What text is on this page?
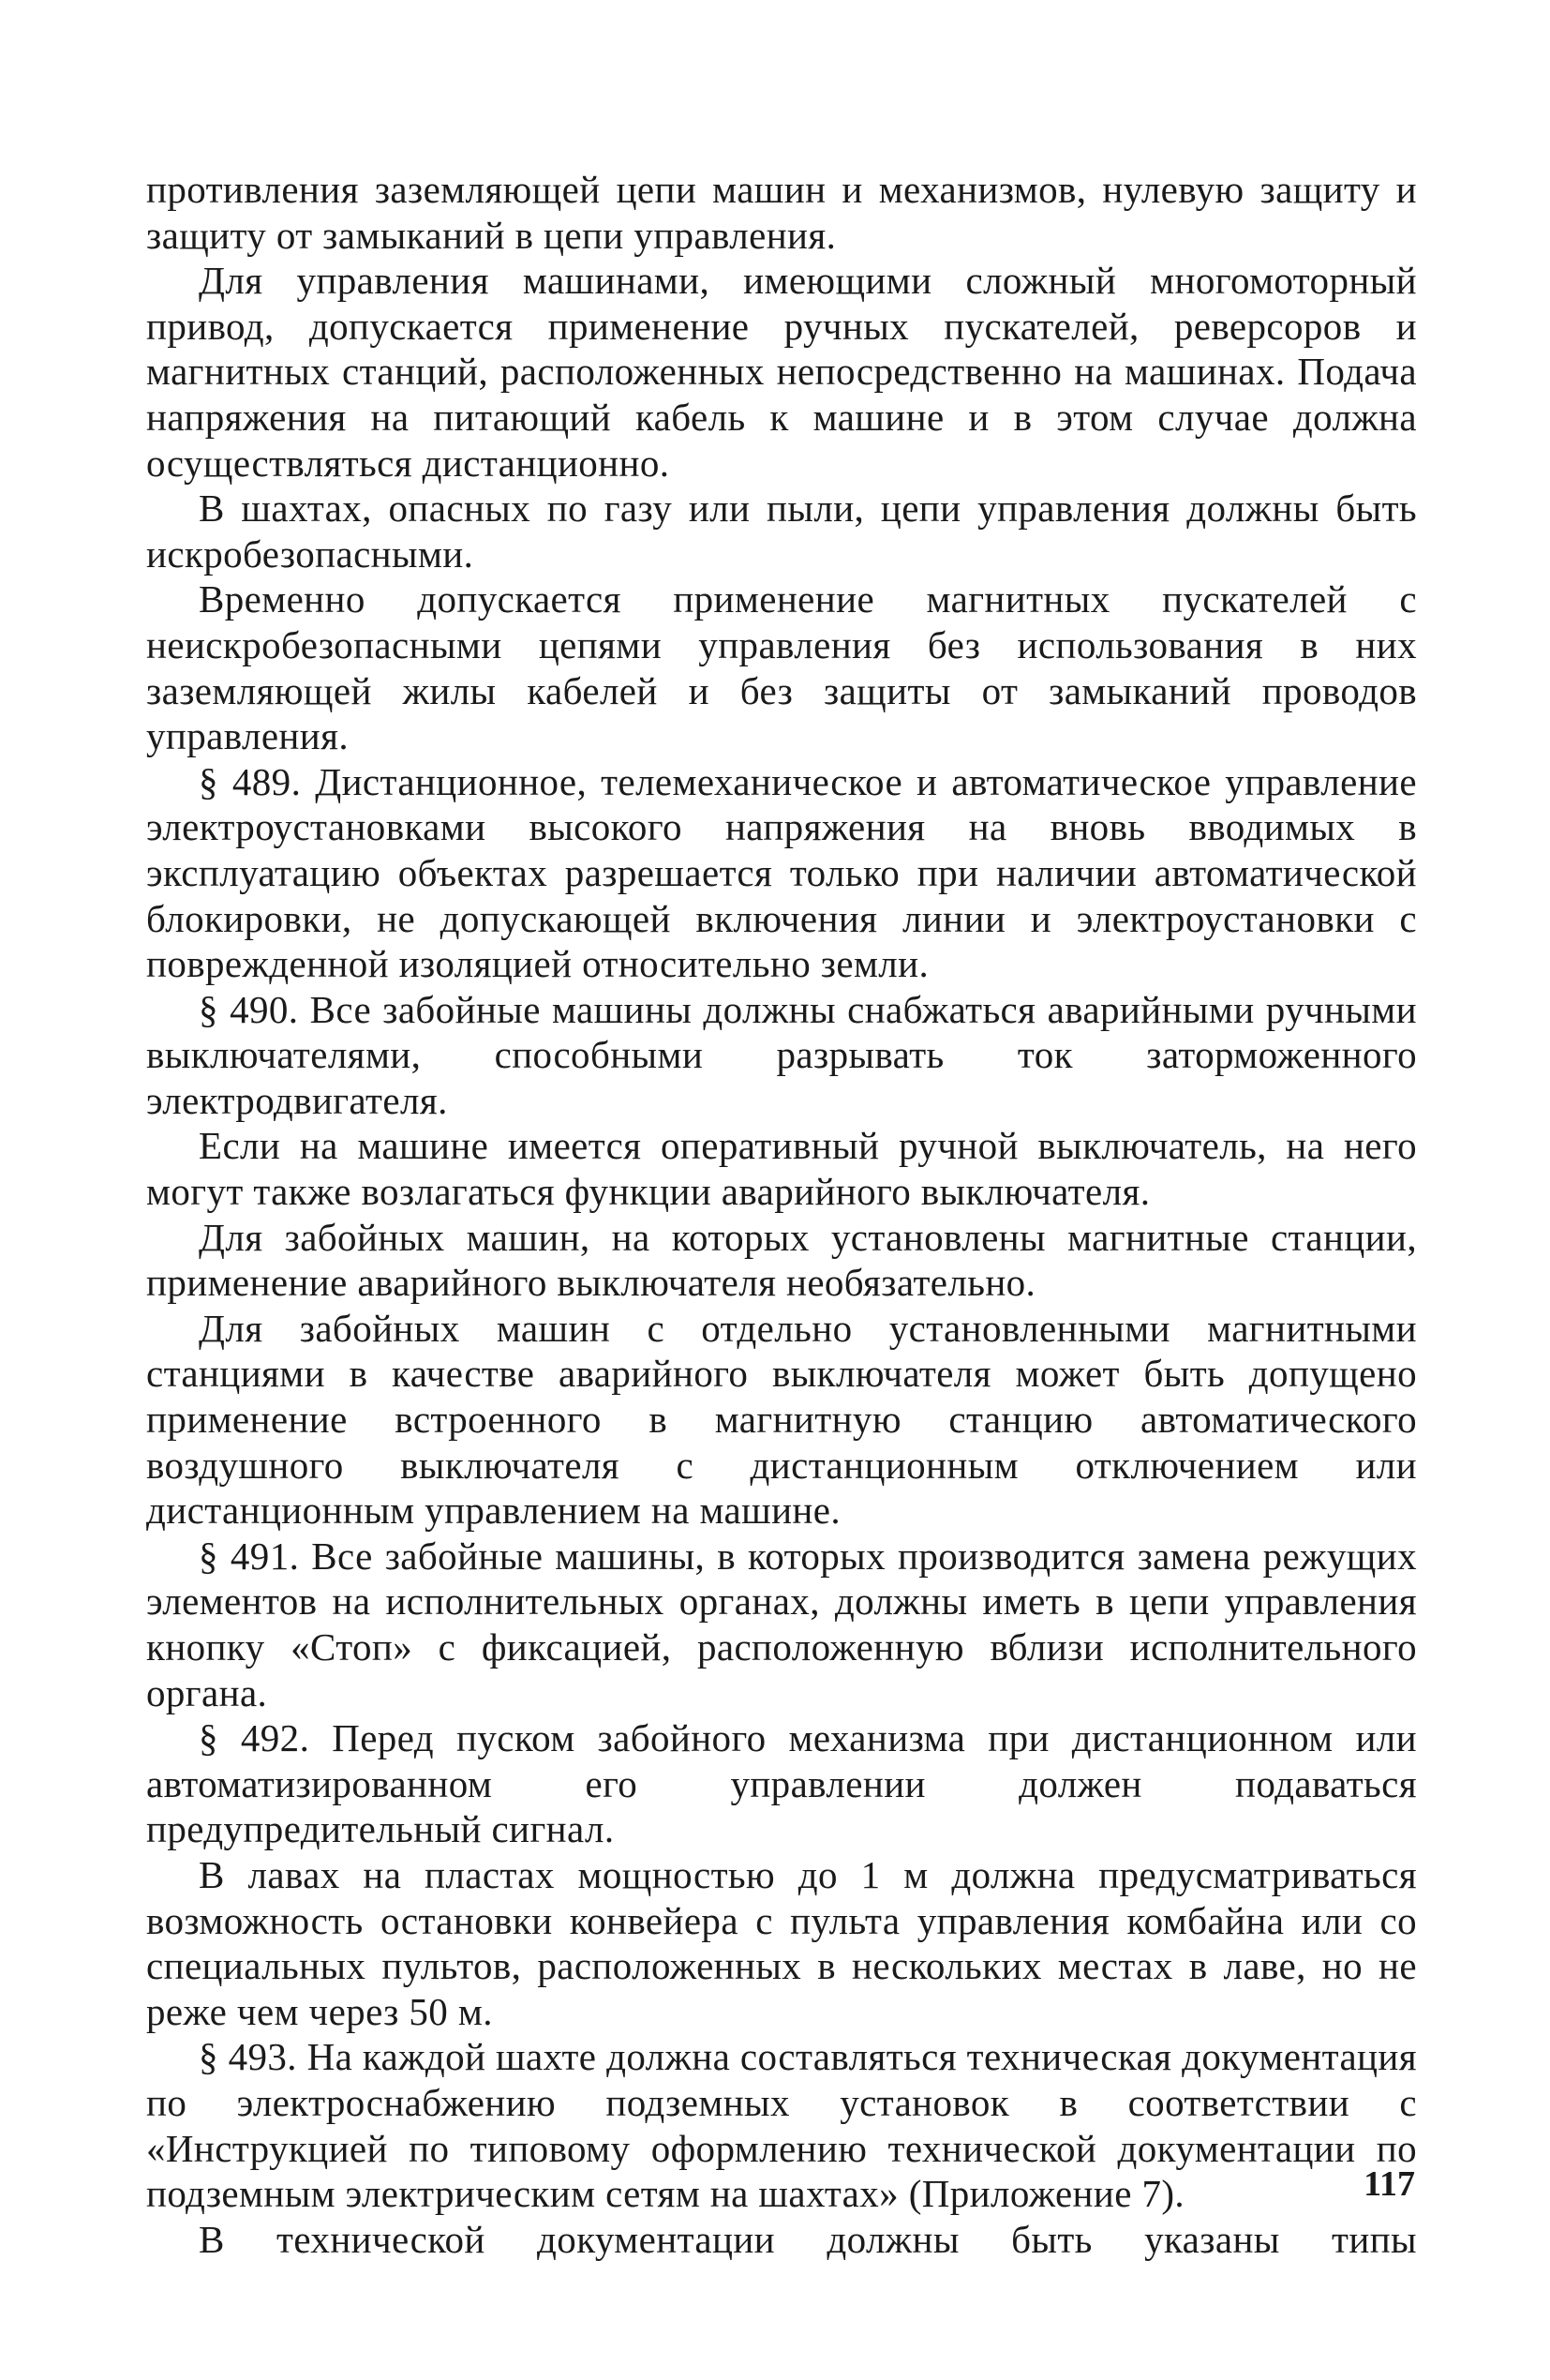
противления заземляющей цепи машин и механизмов, нулевую защиту и защиту от замыканий в цепи управления.

Для управления машинами, имеющими сложный многомоторный привод, допускается применение ручных пускателей, реверсоров и магнитных станций, расположенных непосредственно на машинах. Подача напряжения на питающий кабель к машине и в этом случае должна осуществляться дистанционно.

В шахтах, опасных по газу или пыли, цепи управления должны быть искробезопасными.

Временно допускается применение магнитных пускателей с неискробезопасными цепями управления без использования в них заземляющей жилы кабелей и без защиты от замыканий проводов управления.

§ 489. Дистанционное, телемеханическое и автоматическое управление электроустановками высокого напряжения на вновь вводимых в эксплуатацию объектах разрешается только при наличии автоматической блокировки, не допускающей включения линии и электроустановки с поврежденной изоляцией относительно земли.

§ 490. Все забойные машины должны снабжаться аварийными ручными выключателями, способными разрывать ток заторможенного электродвигателя.

Если на машине имеется оперативный ручной выключатель, на него могут также возлагаться функции аварийного выключателя.

Для забойных машин, на которых установлены магнитные станции, применение аварийного выключателя необязательно.

Для забойных машин с отдельно установленными магнитными станциями в качестве аварийного выключателя может быть допущено применение встроенного в магнитную станцию автоматического воздушного выключателя с дистанционным отключением или дистанционным управлением на машине.

§ 491. Все забойные машины, в которых производится замена режущих элементов на исполнительных органах, должны иметь в цепи управления кнопку «Стоп» с фиксацией, расположенную вблизи исполнительного органа.

§ 492. Перед пуском забойного механизма при дистанционном или автоматизированном его управлении должен подаваться предупредительный сигнал.

В лавах на пластах мощностью до 1 м должна предусматриваться возможность остановки конвейера с пульта управления комбайна или со специальных пультов, расположенных в нескольких местах в лаве, но не реже чем через 50 м.

§ 493. На каждой шахте должна составляться техническая документация по электроснабжению подземных установок в соответствии с «Инструкцией по типовому оформлению технической документации по подземным электрическим сетям на шахтах» (Приложение 7).

В технической документации должны быть указаны типы

117
